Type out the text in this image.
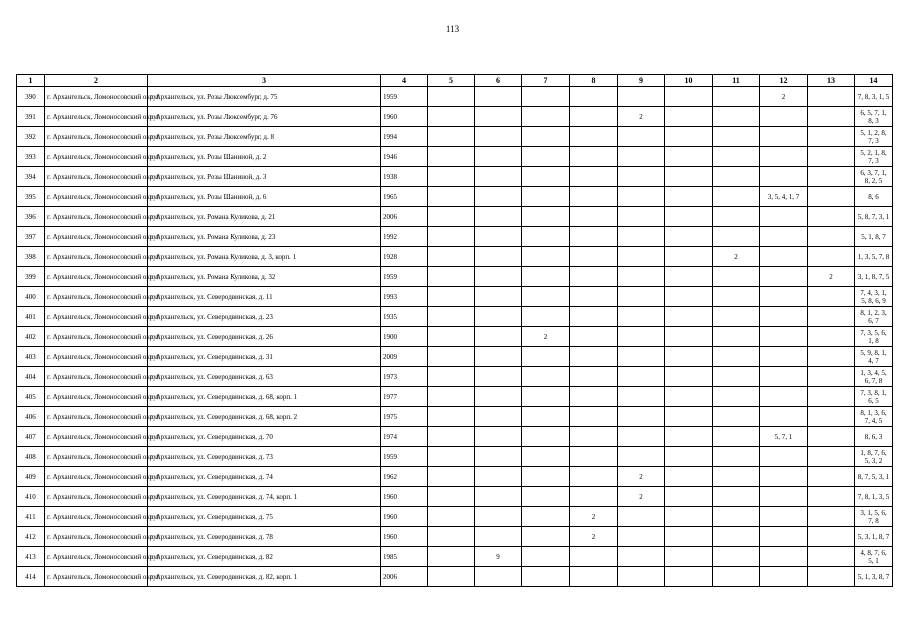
113
1	2	3	4	5	6	7	8	9	10	11	12	13	14
390	г. Архангельск, Ломоносовский округ	г. Архангельск, ул. Розы Люксембург, д. 75	1959								2		7, 8, 3, 1, 5
391	г. Архангельск, Ломоносовский округ	г. Архангельск, ул. Розы Люксембург, д. 76	1960					2					6, 5, 7, 1, 8, 3
392	г. Архангельск, Ломоносовский округ	г. Архангельск, ул. Розы Люксембург, д. 8	1994										5, 1, 2, 8, 7, 3
393	г. Архангельск, Ломоносовский округ	г. Архангельск, ул. Розы Шаниной, д. 2	1946										5, 2, 1, 8, 7, 3
394	г. Архангельск, Ломоносовский округ	г. Архангельск, ул. Розы Шаниной, д. 3	1938										6, 3, 7, 1, 8, 2, 5
395	г. Архангельск, Ломоносовский округ	г. Архангельск, ул. Розы Шаниной, д. 6	1965								3, 5, 4, 1, 7		8, 6
396	г. Архангельск, Ломоносовский округ	г. Архангельск, ул. Романа Куликова, д. 21	2006										5, 8, 7, 3, 1
397	г. Архангельск, Ломоносовский округ	г. Архангельск, ул. Романа Куликова, д. 23	1992										5, 1, 8, 7
398	г. Архангельск, Ломоносовский округ	г. Архангельск, ул. Романа Куликова, д. 3, корп. 1	1928							2			1, 3, 5, 7, 8
399	г. Архангельск, Ломоносовский округ	г. Архангельск, ул. Романа Куликова, д. 32	1959									2	3, 1, 8, 7, 5
400	г. Архангельск, Ломоносовский округ	г. Архангельск, ул. Северодвинская, д. 11	1993										7, 4, 3, 1, 5, 8, 6, 9
401	г. Архангельск, Ломоносовский округ	г. Архангельск, ул. Северодвинская, д. 23	1935										8, 1, 2, 3, 6, 7
402	г. Архангельск, Ломоносовский округ	г. Архангельск, ул. Северодвинская, д. 26	1900			2							7, 3, 5, 6, 1, 8
403	г. Архангельск, Ломоносовский округ	г. Архангельск, ул. Северодвинская, д. 31	2009										5, 9, 8, 1, 4, 7
404	г. Архангельск, Ломоносовский округ	г. Архангельск, ул. Северодвинская, д. 63	1973										1, 3, 4, 5, 6, 7, 8
405	г. Архангельск, Ломоносовский округ	г. Архангельск, ул. Северодвинская, д. 68, корп. 1	1977										7, 3, 8, 1, 6, 5
406	г. Архангельск, Ломоносовский округ	г. Архангельск, ул. Северодвинская, д. 68, корп. 2	1975										8, 1, 3, 6, 7, 4, 5
407	г. Архангельск, Ломоносовский округ	г. Архангельск, ул. Северодвинская, д. 70	1974								5, 7, 1		8, 6, 3
408	г. Архангельск, Ломоносовский округ	г. Архангельск, ул. Северодвинская, д. 73	1959										1, 8, 7, 6, 5, 3, 2
409	г. Архангельск, Ломоносовский округ	г. Архангельск, ул. Северодвинская, д. 74	1962					2					8, 7, 5, 3, 1
410	г. Архангельск, Ломоносовский округ	г. Архангельск, ул. Северодвинская, д. 74, корп. 1	1960					2					7, 8, 1, 3, 5
411	г. Архангельск, Ломоносовский округ	г. Архангельск, ул. Северодвинская, д. 75	1960				2						3, 1, 5, 6, 7, 8
412	г. Архангельск, Ломоносовский округ	г. Архангельск, ул. Северодвинская, д. 78	1960				2						5, 3, 1, 8, 7
413	г. Архангельск, Ломоносовский округ	г. Архангельск, ул. Северодвинская, д. 82	1985		9								4, 8, 7, 6, 5, 1
414	г. Архангельск, Ломоносовский округ	г. Архангельск, ул. Северодвинская, д. 82, корп. 1	2006										5, 1, 3, 8, 7
